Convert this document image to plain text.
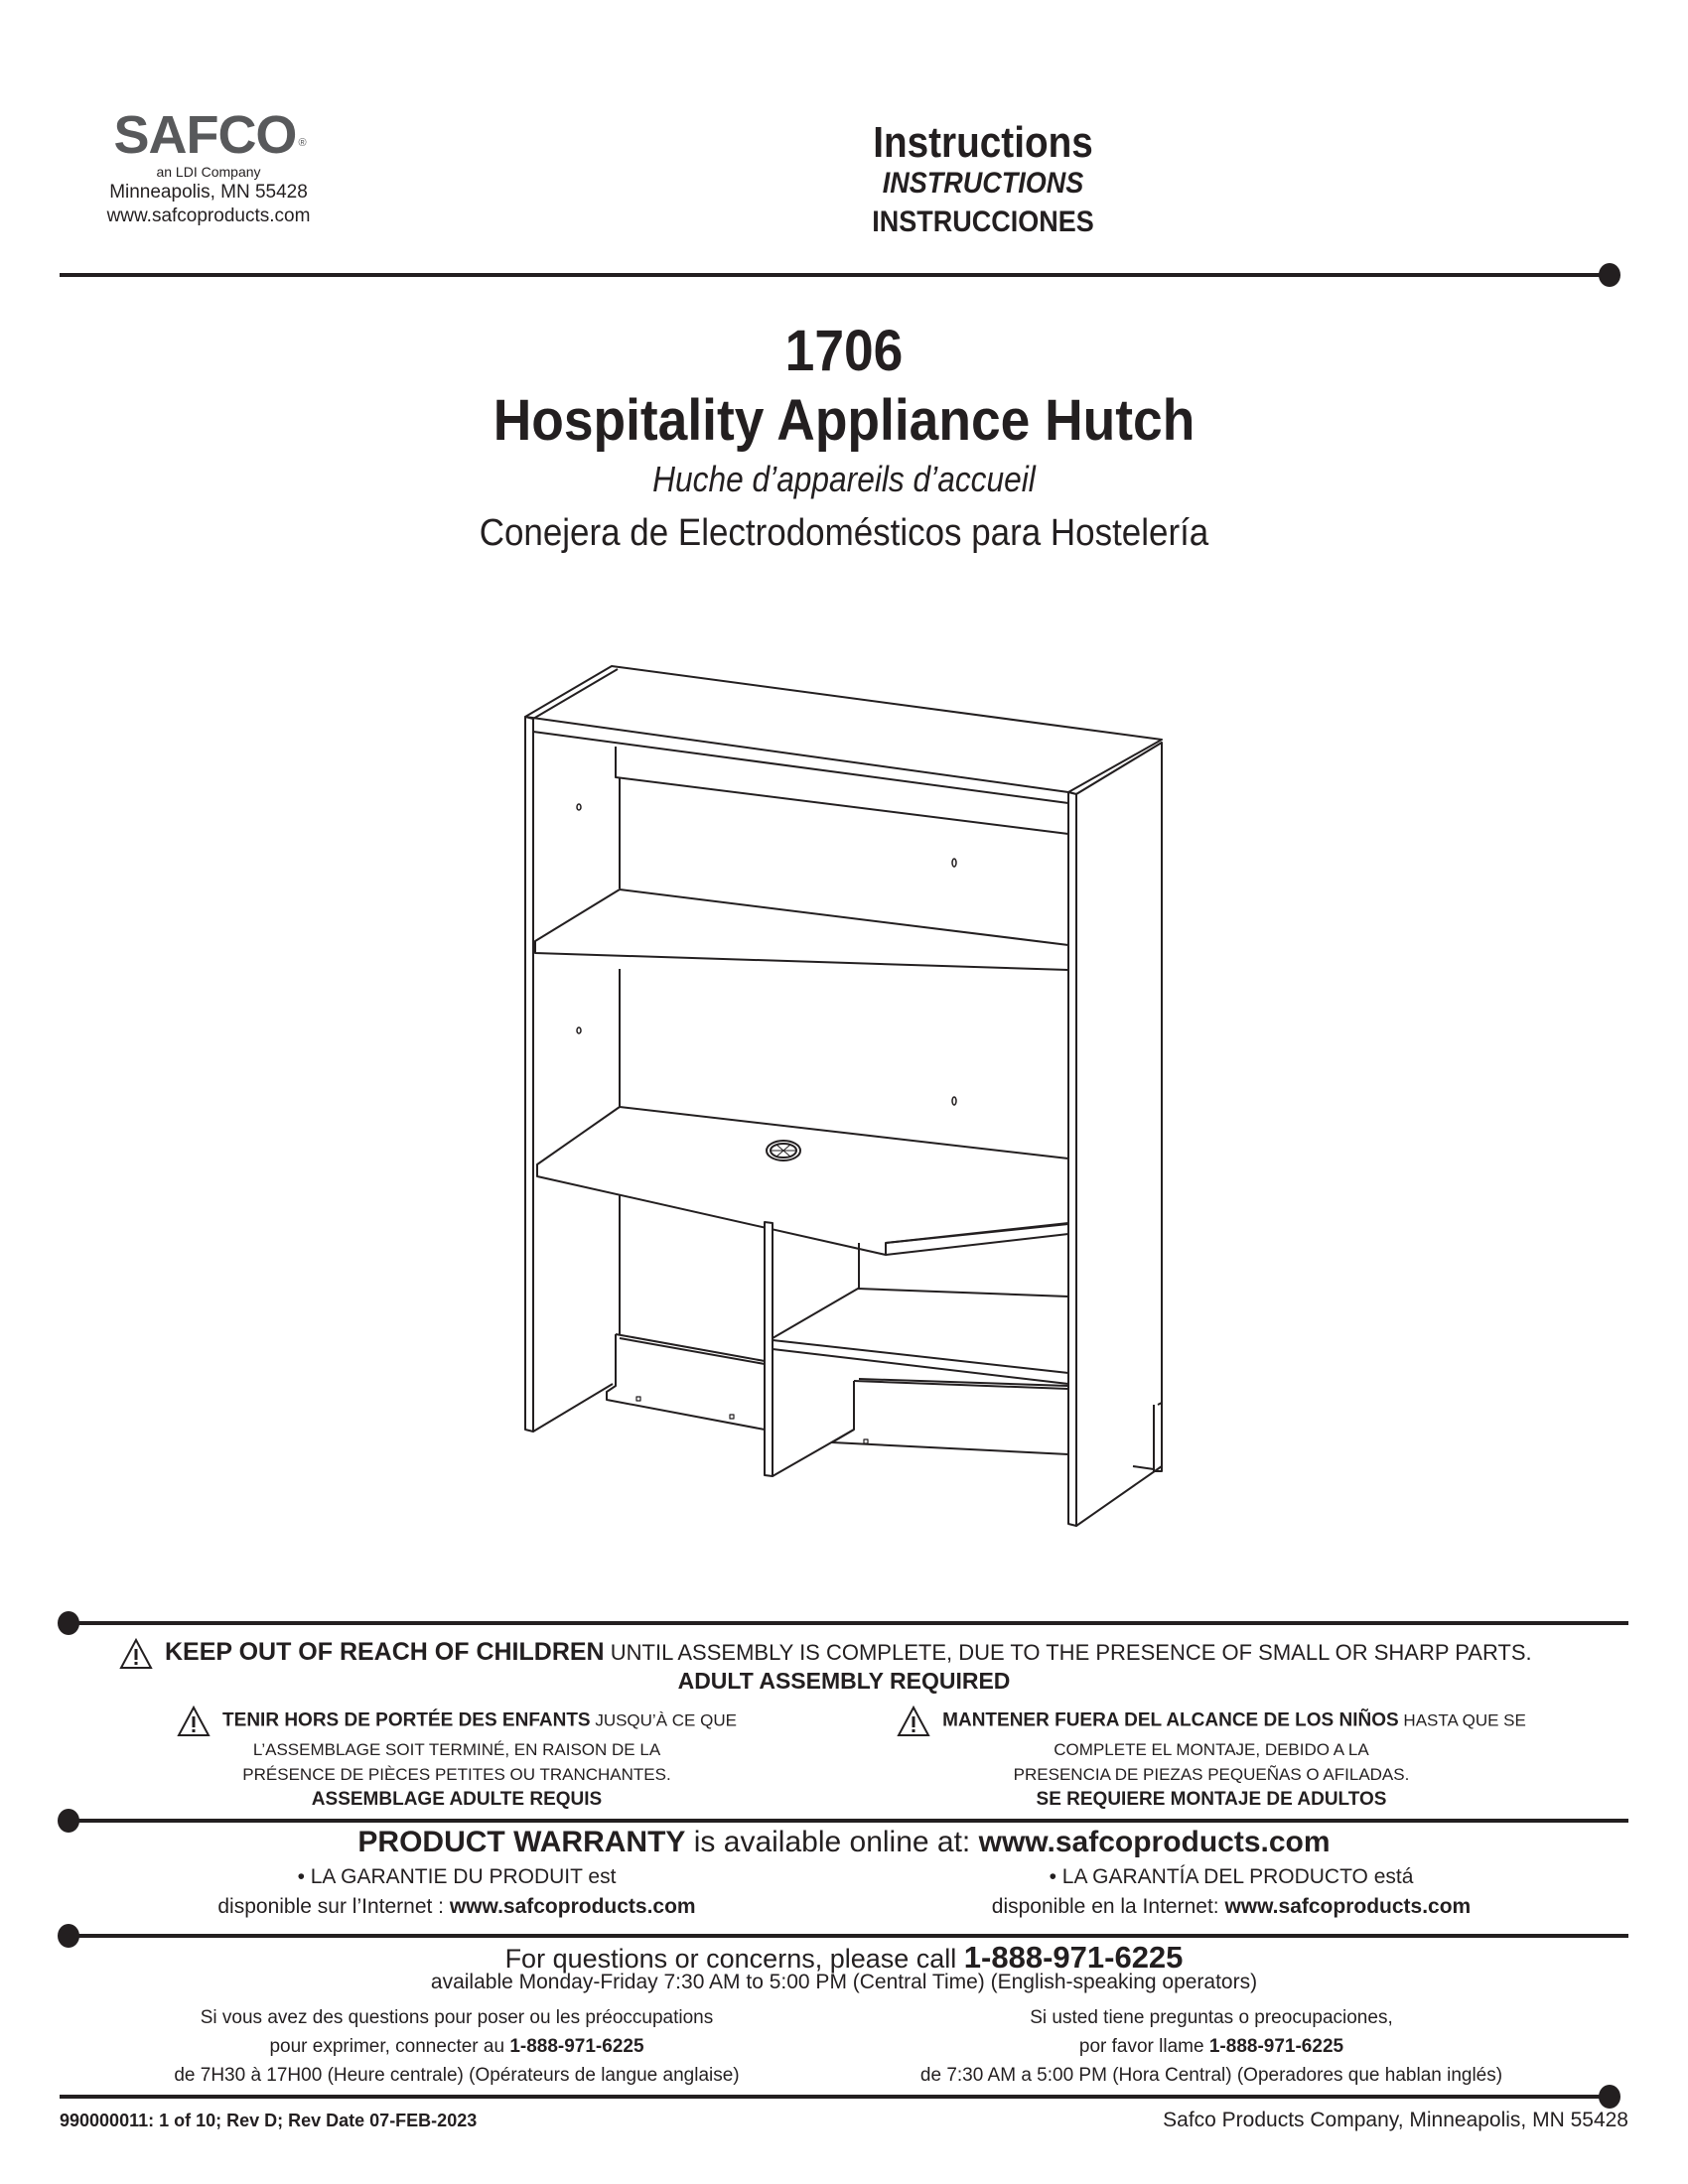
SAFCO ®
an LDI Company
Minneapolis, MN 55428
www.safcoproducts.com
Instructions
INSTRUCTIONS
INSTRUCCIONES
1706
Hospitality Appliance Hutch
Huche d’appareils d’accueil
Conejera de Electrodomésticos para Hostelería
KEEP OUT OF REACH OF CHILDREN UNTIL ASSEMBLY IS COMPLETE, DUE TO THE PRESENCE OF SMALL OR SHARP PARTS.
ADULT ASSEMBLY REQUIRED
TENIR HORS DE PORTÉE DES ENFANTS JUSQU’À CE QUE
L’ASSEMBLAGE SOIT TERMINÉ, EN RAISON DE LA
PRÉSENCE DE PIÈCES PETITES OU TRANCHANTES.
ASSEMBLAGE ADULTE REQUIS
MANTENER FUERA DEL ALCANCE DE LOS NIÑOS HASTA QUE SE
COMPLETE EL MONTAJE, DEBIDO A LA
PRESENCIA DE PIEZAS PEQUEÑAS O AFILADAS.
SE REQUIERE MONTAJE DE ADULTOS
PRODUCT WARRANTY is available online at: www.safcoproducts.com
• LA GARANTIE DU PRODUIT est
disponible sur l’Internet : www.safcoproducts.com
• LA GARANTÍA DEL PRODUCTO está
disponible en la Internet: www.safcoproducts.com
For questions or concerns, please call 1-888-971-6225
available Monday-Friday 7:30 AM to 5:00 PM (Central Time) (English-speaking operators)
Si vous avez des questions pour poser ou les préoccupations
pour exprimer, connecter au 1-888-971-6225
de 7H30 à 17H00 (Heure centrale) (Opérateurs de langue anglaise)
Si usted tiene preguntas o preocupaciones,
por favor llame 1-888-971-6225
de 7:30 AM a 5:00 PM (Hora Central) (Operadores que hablan inglés)
990000011: 1 of 10; Rev D; Rev Date 07-FEB-2023	Safco Products Company, Minneapolis, MN 55428
